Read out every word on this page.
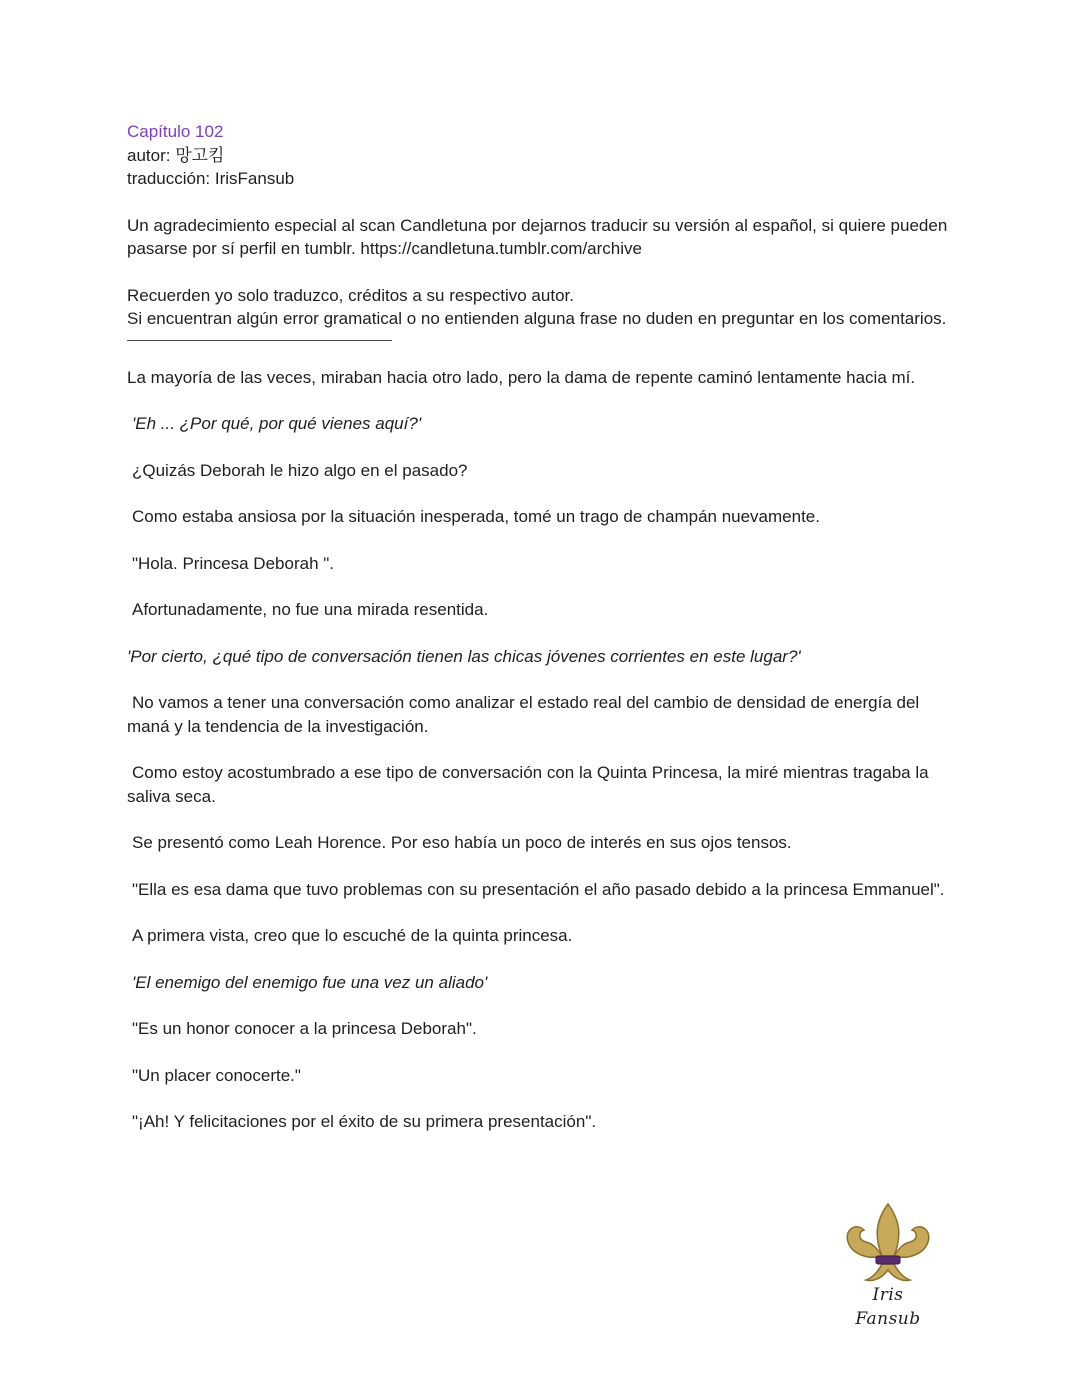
Capítulo 102

autor: 망고킴

traducción: IrisFansub

Un agradecimiento especial al scan Candletuna por dejarnos traducir su versión al español, si quiere pueden pasarse por sí perfil en tumblr. https://candletuna.tumblr.com/archive

Recuerden yo solo traduzco, créditos a su respectivo autor.

Si encuentran algún error gramatical o no entienden alguna frase no duden en preguntar en los comentarios.

La mayoría de las veces, miraban hacia otro lado, pero la dama de repente caminó lentamente hacia mí.

'Eh ... ¿Por qué, por qué vienes aquí?'

¿Quizás Deborah le hizo algo en el pasado?

Como estaba ansiosa por la situación inesperada, tomé un trago de champán nuevamente.

"Hola. Princesa Deborah ".

Afortunadamente, no fue una mirada resentida.

'Por cierto, ¿qué tipo de conversación tienen las chicas jóvenes corrientes en este lugar?'

No vamos a tener una conversación como analizar el estado real del cambio de densidad de energía del maná y la tendencia de la investigación.

Como estoy acostumbrado a ese tipo de conversación con la Quinta Princesa, la miré mientras tragaba la saliva seca.

Se presentó como Leah Horence. Por eso había un poco de interés en sus ojos tensos.

"Ella es esa dama que tuvo problemas con su presentación el año pasado debido a la princesa Emmanuel".

A primera vista, creo que lo escuché de la quinta princesa.

'El enemigo del enemigo fue una vez un aliado'

"Es un honor conocer a la princesa Deborah".

"Un placer conocerte."

"¡Ah! Y felicitaciones por el éxito de su primera presentación".

Iris Fansub
